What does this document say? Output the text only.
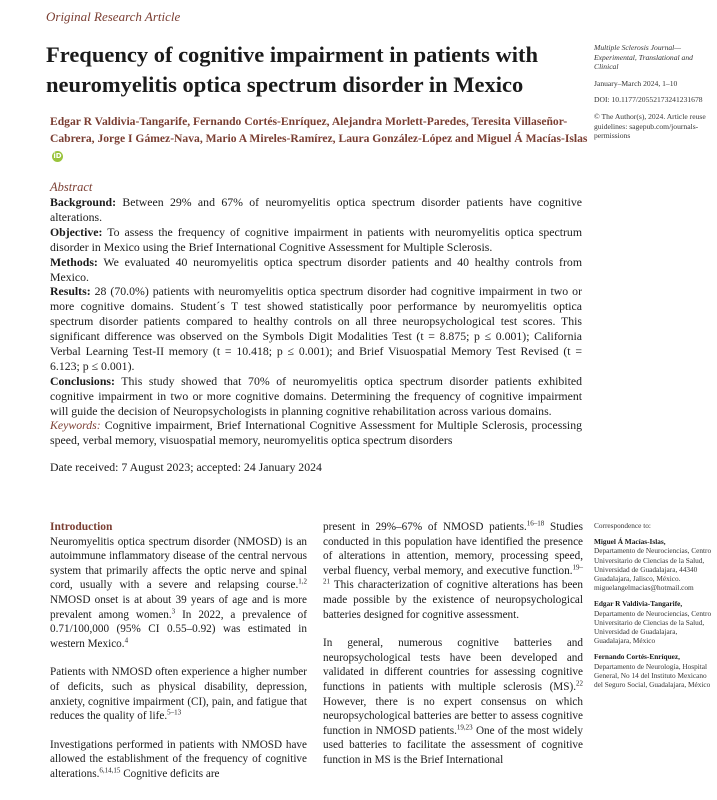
Original Research Article
Frequency of cognitive impairment in patients with neuromyelitis optica spectrum disorder in Mexico
Edgar R Valdivia-Tangarife, Fernando Cortés-Enríquez, Alejandra Morlett-Paredes, Teresita Villaseñor-Cabrera, Jorge I Gámez-Nava, Mario A Mireles-Ramírez, Laura González-López and Miguel Á Macías-IslasiD

Multiple Sclerosis Journal—Experimental, Translational and Clinical

January–March 2024, 1–10

DOI: 10.1177/20552173241231678

© The Author(s), 2024. Article reuse guidelines: sagepub.com/journals-permissions

Abstract

Background: Between 29% and 67% of neuromyelitis optica spectrum disorder patients have cognitive alterations.

Objective: To assess the frequency of cognitive impairment in patients with neuromyelitis optica spectrum disorder in Mexico using the Brief International Cognitive Assessment for Multiple Sclerosis.

Methods: We evaluated 40 neuromyelitis optica spectrum disorder patients and 40 healthy controls from Mexico.

Results: 28 (70.0%) patients with neuromyelitis optica spectrum disorder had cognitive impairment in two or more cognitive domains. Student´s T test showed statistically poor performance by neuromyelitis optica spectrum disorder patients compared to healthy controls on all three neuropsychological test scores. This significant difference was observed on the Symbols Digit Modalities Test (t = 8.875; p ≤ 0.001); California Verbal Learning Test-II memory (t = 10.418; p ≤ 0.001); and Brief Visuospatial Memory Test Revised (t = 6.123; p ≤ 0.001).

Conclusions: This study showed that 70% of neuromyelitis optica spectrum disorder patients exhibited cognitive impairment in two or more cognitive domains. Determining the frequency of cognitive impairment will guide the decision of Neuropsychologists in planning cognitive rehabilitation across various domains.

Keywords: Cognitive impairment, Brief International Cognitive Assessment for Multiple Sclerosis, processing speed, verbal memory, visuospatial memory, neuromyelitis optica spectrum disorders
Date received: 7 August 2023; accepted: 24 January 2024
Introduction

Neuromyelitis optica spectrum disorder (NMOSD) is an autoimmune inflammatory disease of the central nervous system that primarily affects the optic nerve and spinal cord, usually with a severe and relapsing course.$^{1,2}$ NMOSD onset is at about 39 years of age and is more prevalent among women.$^3$ In 2022, a prevalence of 0.71/100,000 (95% CI 0.55–0.92) was estimated in western Mexico.$^4$

Patients with NMOSD often experience a higher number of deficits, such as physical disability, depression, anxiety, cognitive impairment (CI), pain, and fatigue that reduces the quality of life.$^{5-13}$

Investigations performed in patients with NMOSD have allowed the establishment of the frequency of cognitive alterations.$^{6,14,15}$ Cognitive deficits are

present in 29%–67% of NMOSD patients.$^{16-18}$ Studies conducted in this population have identified the presence of alterations in attention, memory, processing speed, verbal fluency, verbal memory, and executive function.$^{19-21}$ This characterization of cognitive alterations has been made possible by the existence of neuropsychological batteries designed for cognitive assessment.

In general, numerous cognitive batteries and neuropsychological tests have been developed and validated in different countries for assessing cognitive functions in patients with multiple sclerosis (MS).$^{22}$ However, there is no expert consensus on which neuropsychological batteries are better to assess cognitive function in NMOSD patients.$^{19,23}$ One of the most widely used batteries to facilitate the assessment of cognitive function in MS is the Brief International

Correspondence to:

Miguel Á Macías-Islas,
Departamento de Neurociencias, Centro Universitario de Ciencias de la Salud, Universidad de Guadalajara, 44340 Guadalajara, Jalisco, México. miguelangelmacias@hotmail.com

Edgar R Valdivia-Tangarife,
Departamento de Neurociencias, Centro Universitario de Ciencias de la Salud, Universidad de Guadalajara, Guadalajara, México

Fernando Cortés-Enríquez,
Departamento de Neurología, Hospital General, No 14 del Instituto Mexicano del Seguro Social, Guadalajara, México
